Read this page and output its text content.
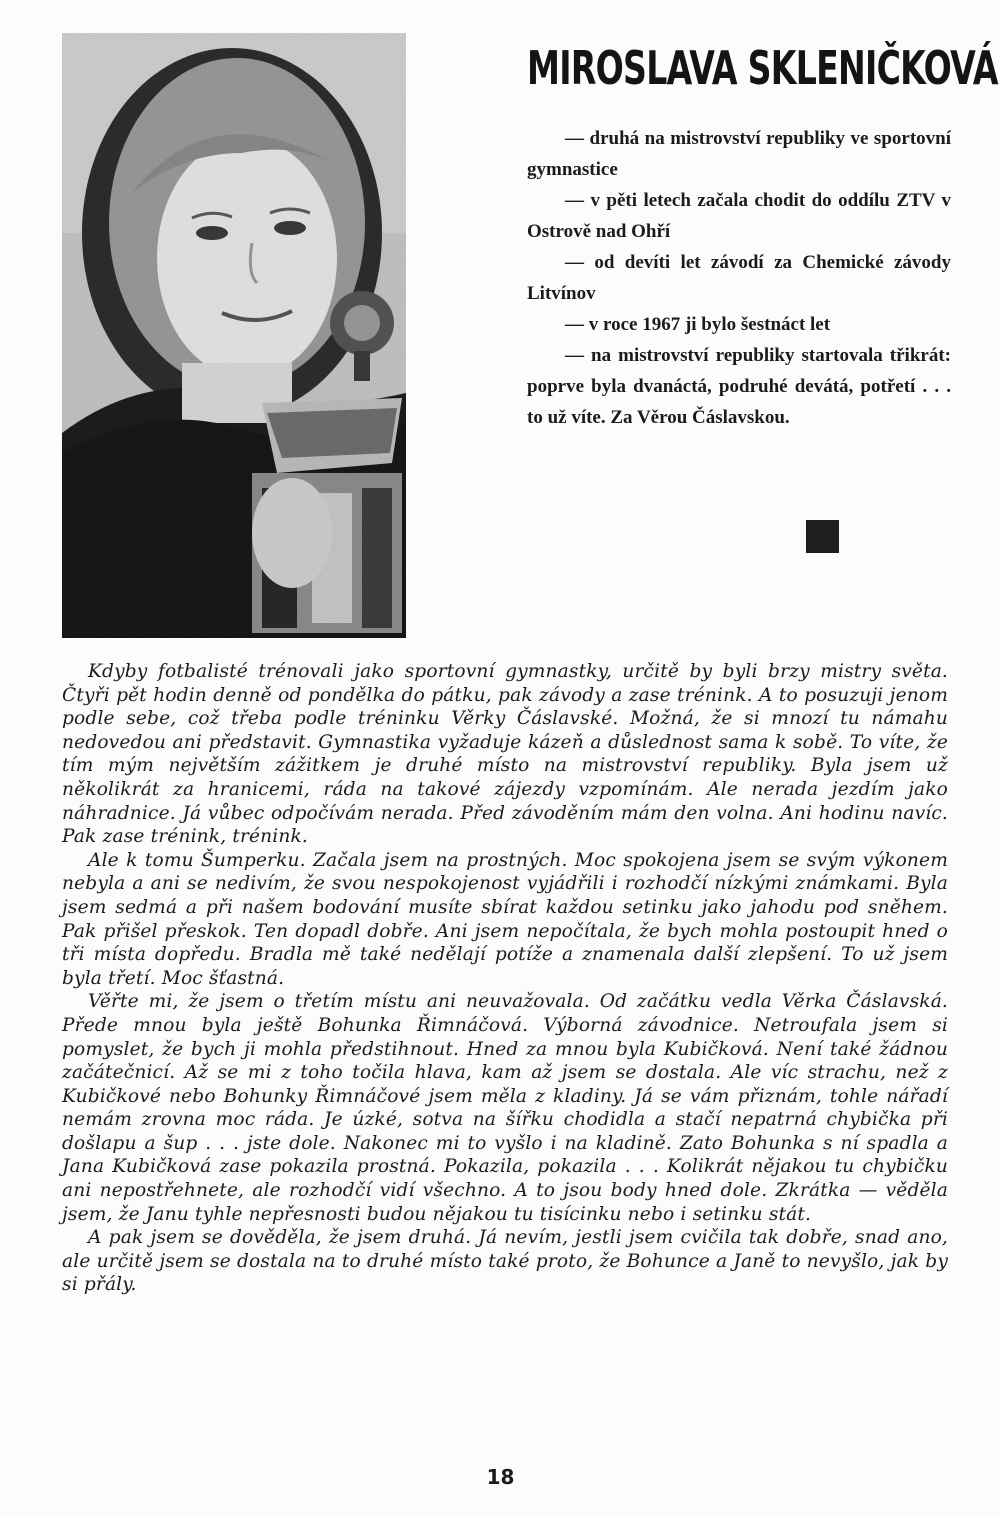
MIROSLAVA SKLENIČKOVÁ

— druhá na mistrovství republiky ve sportovní gymnastice

— v pěti letech začala chodit do oddílu ZTV v Ostrově nad Ohří

— od devíti let závodí za Chemické závody Litvínov

— v roce 1967 ji bylo šestnáct let

— na mistrovství republiky startovala třikrát: poprve byla dvanáctá, podruhé devátá, potřetí . . . to už víte. Za Věrou Čáslavskou.

Kdyby fotbalisté trénovali jako sportovní gymnastky, určitě by byli brzy mistry světa. Čtyři pět hodin denně od pondělka do pátku, pak závody a zase trénink. A to posuzuji jenom podle sebe, což třeba podle tréninku Věrky Čáslavské. Možná, že si mnozí tu námahu nedovedou ani představit. Gymnastika vyžaduje kázeň a důslednost sama k sobě. To víte, že tím mým největším zážitkem je druhé místo na mistrovství republiky. Byla jsem už několikrát za hranicemi, ráda na takové zájezdy vzpomínám. Ale nerada jezdím jako náhradnice. Já vůbec odpočívám nerada. Před závoděním mám den volna. Ani hodinu navíc. Pak zase trénink, trénink.

Ale k tomu Šumperku. Začala jsem na prostných. Moc spokojena jsem se svým výkonem nebyla a ani se nedivím, že svou nespokojenost vyjádřili i rozhodčí nízkými známkami. Byla jsem sedmá a při našem bodování musíte sbírat každou setinku jako jahodu pod sněhem. Pak přišel přeskok. Ten dopadl dobře. Ani jsem nepočítala, že bych mohla postoupit hned o tři místa dopředu. Bradla mě také nedělají potíže a znamenala další zlepšení. To už jsem byla třetí. Moc šťastná.

Věřte mi, že jsem o třetím místu ani neuvažovala. Od začátku vedla Věrka Čáslavská. Přede mnou byla ještě Bohunka Řimnáčová. Výborná závodnice. Netroufala jsem si pomyslet, že bych ji mohla předstihnout. Hned za mnou byla Kubičková. Není také žádnou začátečnicí. Až se mi z toho točila hlava, kam až jsem se dostala. Ale víc strachu, než z Kubičkové nebo Bohunky Řimnáčové jsem měla z kladiny. Já se vám přiznám, tohle nářadí nemám zrovna moc ráda. Je úzké, sotva na šířku chodidla a stačí nepatrná chybička při došlapu a šup . . . jste dole. Nakonec mi to vyšlo i na kladině. Zato Bohunka s ní spadla a Jana Kubičková zase pokazila prostná. Pokazila, pokazila . . . Kolikrát nějakou tu chybičku ani nepostřehnete, ale rozhodčí vidí všechno. A to jsou body hned dole. Zkrátka — věděla jsem, že Janu tyhle nepřesnosti budou nějakou tu tisícinku nebo i setinku stát.

A pak jsem se dověděla, že jsem druhá. Já nevím, jestli jsem cvičila tak dobře, snad ano, ale určitě jsem se dostala na to druhé místo také proto, že Bohunce a Janě to nevyšlo, jak by si přály.

18
